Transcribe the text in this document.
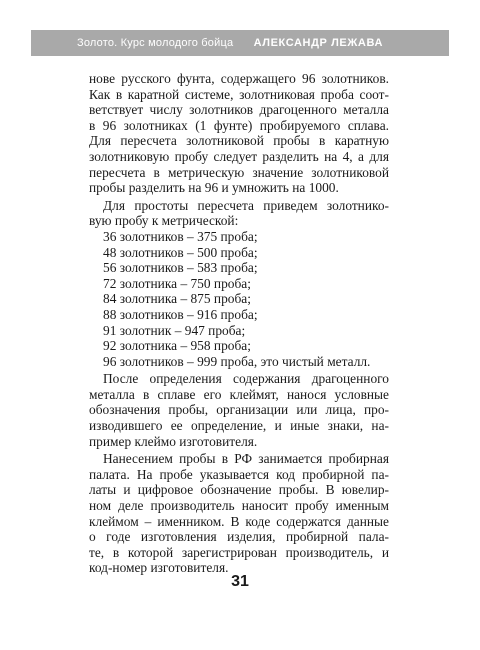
Золото. Курс молодого бойца АЛЕКСАНДР ЛЕЖАВА
нове русского фунта, содержащего 96 золотников.
Как в каратной системе, золотниковая проба соот-
ветствует числу золотников драгоценного металла
в 96 золотниках (1 фунте) пробируемого сплава.
Для пересчета золотниковой пробы в каратную
золотниковую пробу следует разделить на 4, а для
пересчета в метрическую значение золотниковой
пробы разделить на 96 и умножить на 1000.
Для простоты пересчета приведем золотнико-
вую пробу к метрической:
36 золотников – 375 проба;
48 золотников – 500 проба;
56 золотников – 583 проба;
72 золотника – 750 проба;
84 золотника – 875 проба;
88 золотников – 916 проба;
91 золотник – 947 проба;
92 золотника – 958 проба;
96 золотников – 999 проба, это чистый металл.
После определения содержания драгоценного
металла в сплаве его клеймят, нанося условные
обозначения пробы, организации или лица, про-
изводившего ее определение, и иные знаки, на-
пример клеймо изготовителя.
Нанесением пробы в РФ занимается пробирная
палата. На пробе указывается код пробирной па-
латы и цифровое обозначение пробы. В ювелир-
ном деле производитель наносит пробу именным
клеймом – именником. В коде содержатся данные
о годе изготовления изделия, пробирной пала-
те, в которой зарегистрирован производитель, и
код-номер изготовителя.
31
